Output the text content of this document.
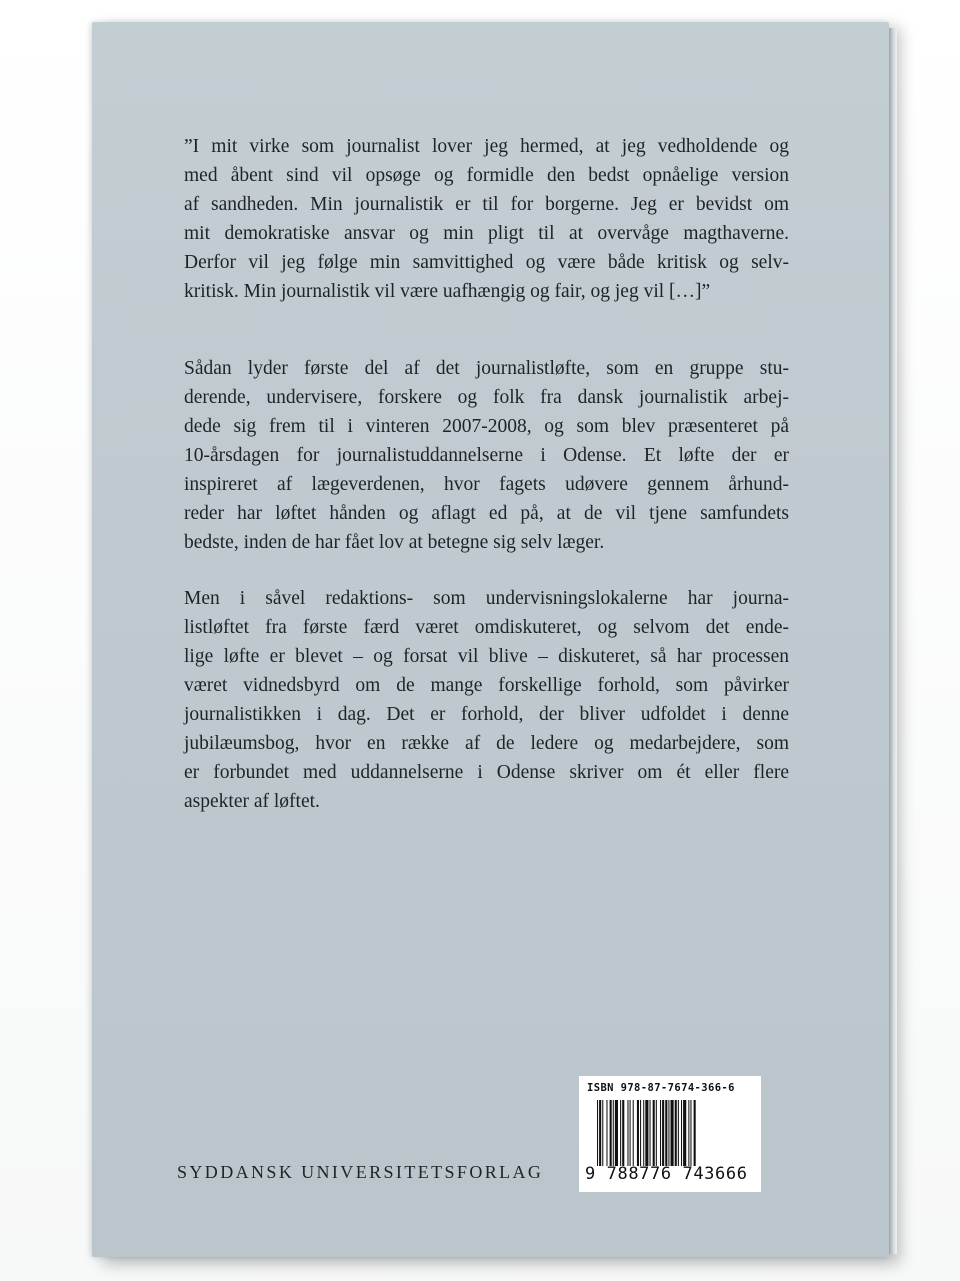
”I mit virke som journalist lover jeg hermed, at jeg vedholdende og
med åbent sind vil opsøge og formidle den bedst opnåelige version
af sandheden. Min journalistik er til for borgerne. Jeg er bevidst om
mit demokratiske ansvar og min pligt til at overvåge magthaverne.
Derfor vil jeg følge min samvittighed og være både kritisk og selv-
kritisk. Min journalistik vil være uafhængig og fair, og jeg vil […]”
Sådan lyder første del af det journalistløfte, som en gruppe stu-
derende, undervisere, forskere og folk fra dansk journalistik arbej-
dede sig frem til i vinteren 2007-2008, og som blev præsenteret på
10-årsdagen for journalistuddannelserne i Odense. Et løfte der er
inspireret af lægeverdenen, hvor fagets udøvere gennem århund-
reder har løftet hånden og aflagt ed på, at de vil tjene samfundets
bedste, inden de har fået lov at betegne sig selv læger.
Men i såvel redaktions- som undervisningslokalerne har journa-
listløftet fra første færd været omdiskuteret, og selvom det ende-
lige løfte er blevet – og forsat vil blive – diskuteret, så har processen
været vidnedsbyrd om de mange forskellige forhold, som påvirker
journalistikken i dag. Det er forhold, der bliver udfoldet i denne
jubilæumsbog, hvor en række af de ledere og medarbejdere, som
er forbundet med uddannelserne i Odense skriver om ét eller flere
aspekter af løftet.
SYDDANSK UNIVERSITETSFORLAG
ISBN 978-87-7674-366-6
9 788776 743666
